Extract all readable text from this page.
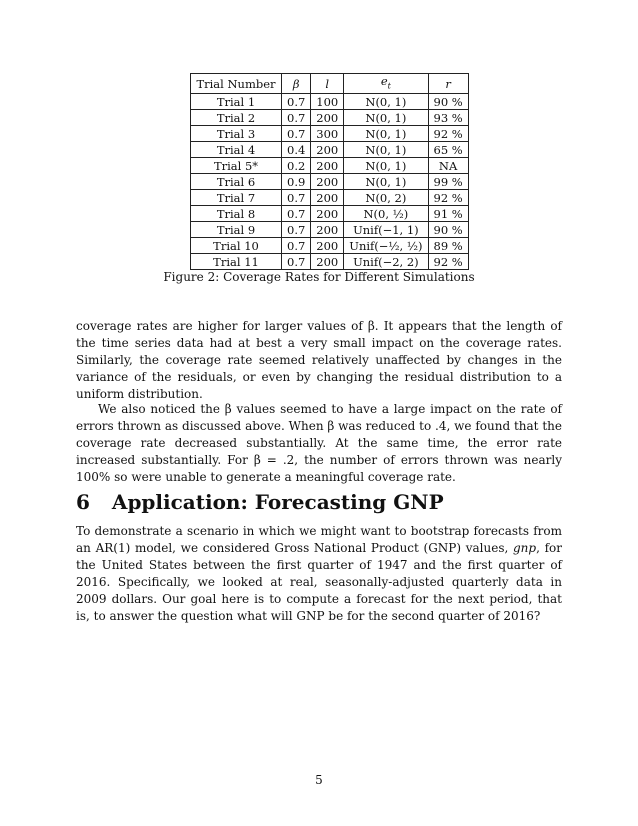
Trial Number	β	l	$e_t$	r
Trial 1	0.7	100	N(0, 1)	90 %
Trial 2	0.7	200	N(0, 1)	93 %
Trial 3	0.7	300	N(0, 1)	92 %
Trial 4	0.4	200	N(0, 1)	65 %
Trial 5*	0.2	200	N(0, 1)	NA
Trial 6	0.9	200	N(0, 1)	99 %
Trial 7	0.7	200	N(0, 2)	92 %
Trial 8	0.7	200	N(0, ½)	91 %
Trial 9	0.7	200	Unif(−1, 1)	90 %
Trial 10	0.7	200	Unif(−½, ½)	89 %
Trial 11	0.7	200	Unif(−2, 2)	92 %
Figure 2: Coverage Rates for Different Simulations

coverage rates are higher for larger values of β. It appears that the length of the time series data had at best a very small impact on the coverage rates. Similarly, the coverage rate seemed relatively unaffected by changes in the variance of the residuals, or even by changing the residual distribution to a uniform distribution.

We also noticed the β values seemed to have a large impact on the rate of errors thrown as discussed above. When β was reduced to .4, we found that the coverage rate decreased substantially. At the same time, the error rate increased substantially. For β = .2, the number of errors thrown was nearly 100% so were unable to generate a meaningful coverage rate.

6 Application: Forecasting GNP

To demonstrate a scenario in which we might want to bootstrap forecasts from an AR(1) model, we considered Gross National Product (GNP) values, gnp, for the United States between the first quarter of 1947 and the first quarter of 2016. Specifically, we looked at real, seasonally-adjusted quarterly data in 2009 dollars. Our goal here is to compute a forecast for the next period, that is, to answer the question what will GNP be for the second quarter of 2016?

5
